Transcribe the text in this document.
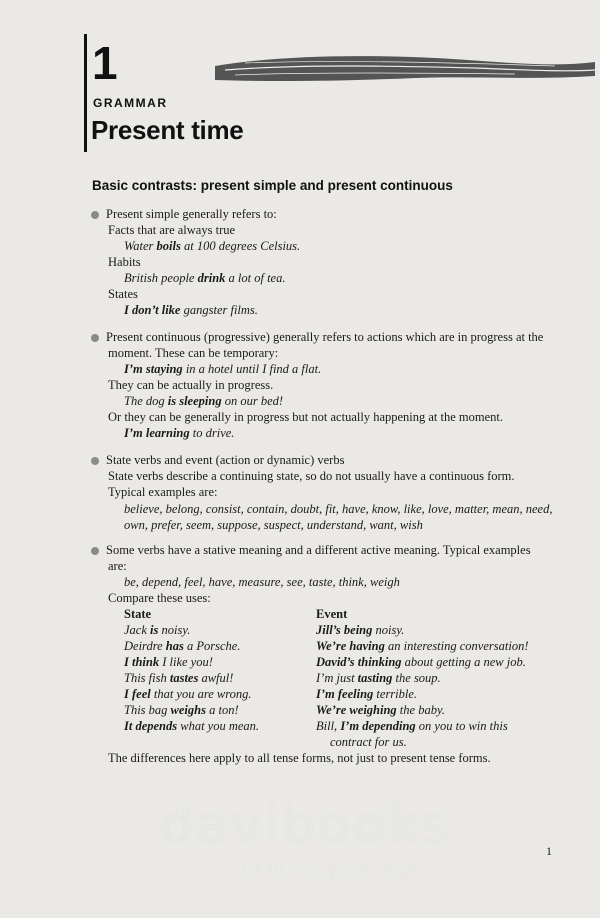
1
GRAMMAR
Present time
Basic contrasts: present simple and present continuous
Present simple generally refers to:
Facts that are always true
Water boils at 100 degrees Celsius.
Habits
British people drink a lot of tea.
States
I don’t like gangster films.
Present continuous (progressive) generally refers to actions which are in progress at the
moment. These can be temporary:
I’m staying in a hotel until I find a flat.
They can be actually in progress.
The dog is sleeping on our bed!
Or they can be generally in progress but not actually happening at the moment.
I’m learning to drive.
State verbs and event (action or dynamic) verbs
State verbs describe a continuing state, so do not usually have a continuous form.
Typical examples are:
believe, belong, consist, contain, doubt, fit, have, know, like, love, matter, mean, need,
own, prefer, seem, suppose, suspect, understand, want, wish
Some verbs have a stative meaning and a different active meaning. Typical examples
are:
be, depend, feel, have, measure, see, taste, think, weigh
Compare these uses:
State	Event
Jack is noisy.
Deirdre has a Porsche.
I think I like you!
This fish tastes awful!
I feel that you are wrong.
This bag weighs a ton!
It depends what you mean.
Jill’s being noisy.
We’re having an interesting conversation!
David’s thinking about getting a new job.
I’m just tasting the soup.
I’m feeling terrible.
We’re weighing the baby.
Bill, I’m depending on you to win this
contract for us.
The differences here apply to all tense forms, not just to present tense forms.
1
davibooks
Khát vọng tri thức
